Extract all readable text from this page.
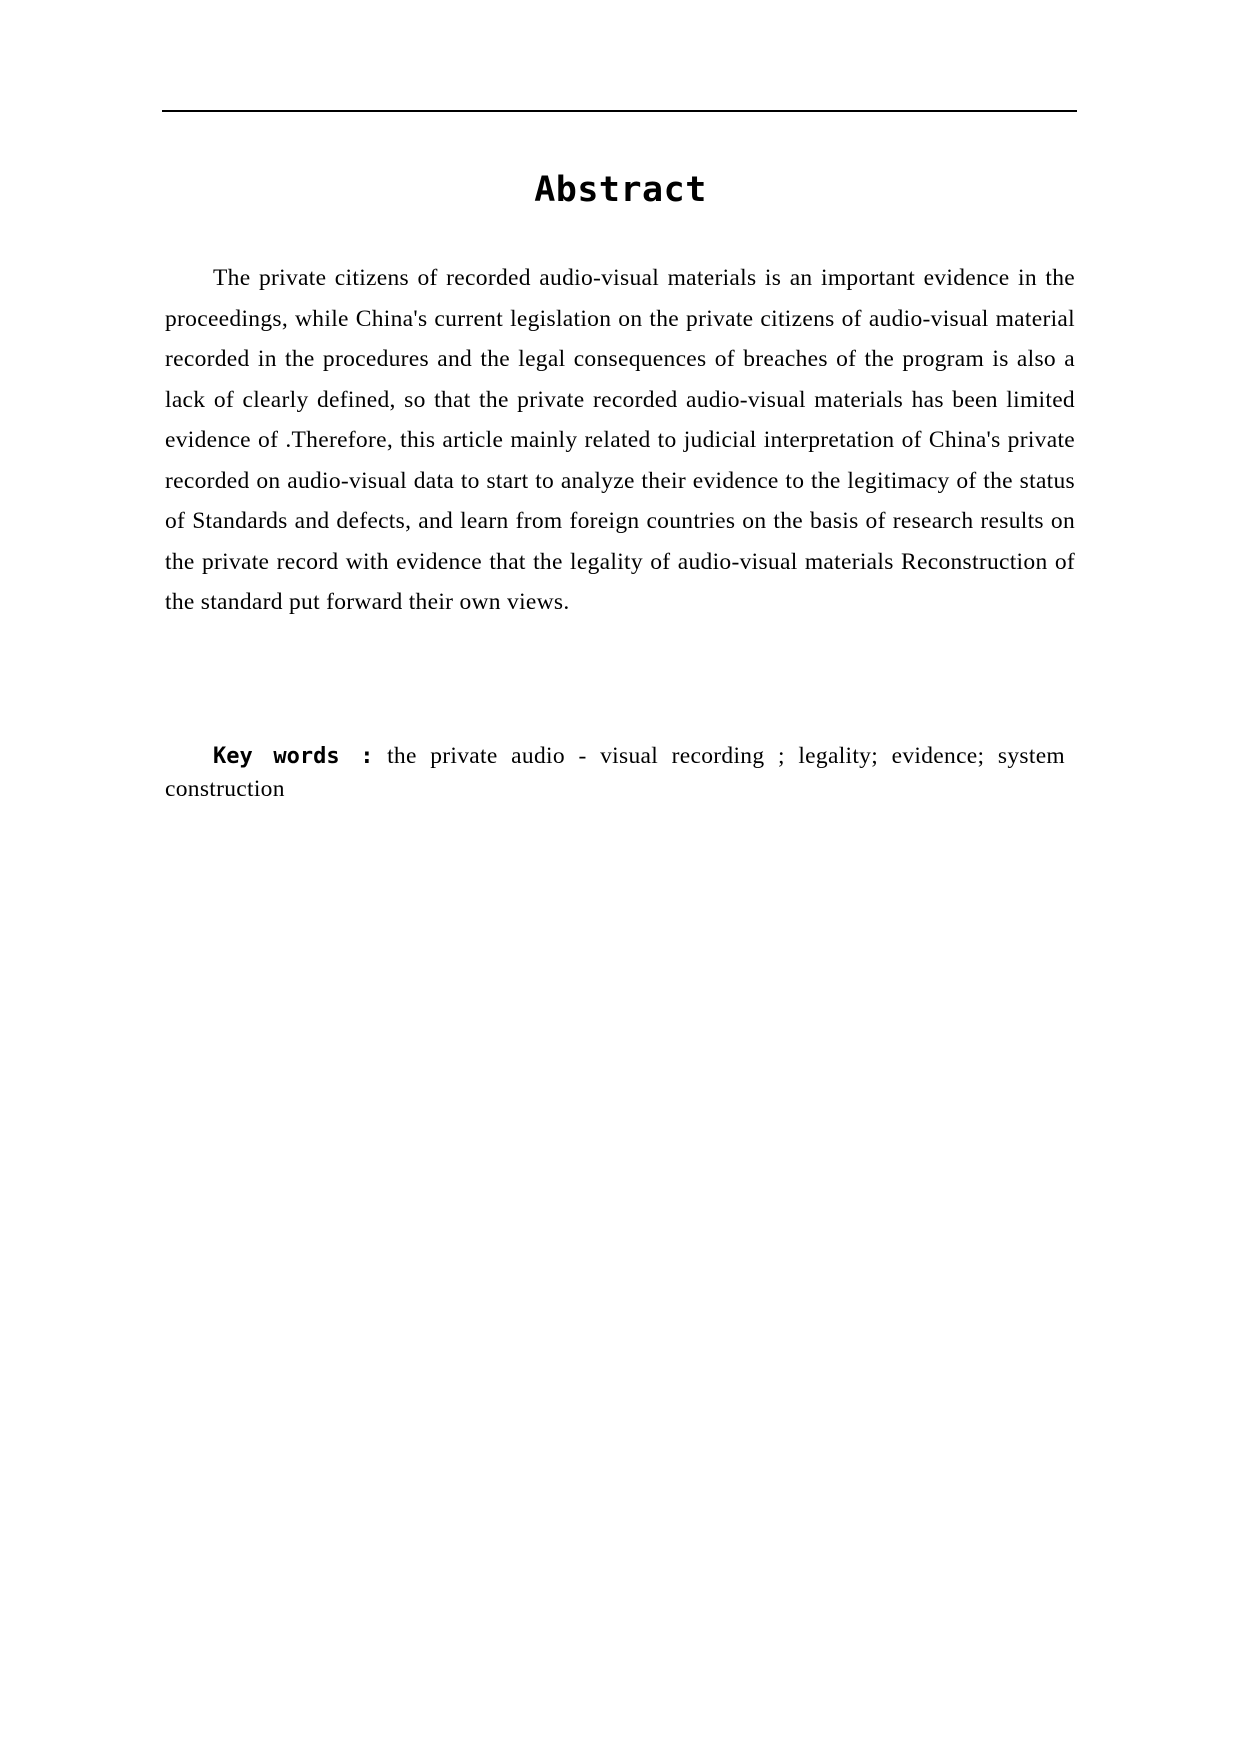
Abstract

The private citizens of recorded audio-visual materials is an important evidence in the proceedings, while China's current legislation on the private citizens of audio-visual material recorded in the procedures and the legal consequences of breaches of the program is also a lack of clearly defined, so that the private recorded audio-visual materials has been limited evidence of .Therefore, this article mainly related to judicial interpretation of China's private recorded on audio-visual data to start to analyze their evidence to the legitimacy of the status of Standards and defects, and learn from foreign countries on the basis of research results on the private record with evidence that the legality of audio-visual materials Reconstruction of the standard put forward their own views.

Key words : the private audio - visual recording ; legality; evidence; system construction
